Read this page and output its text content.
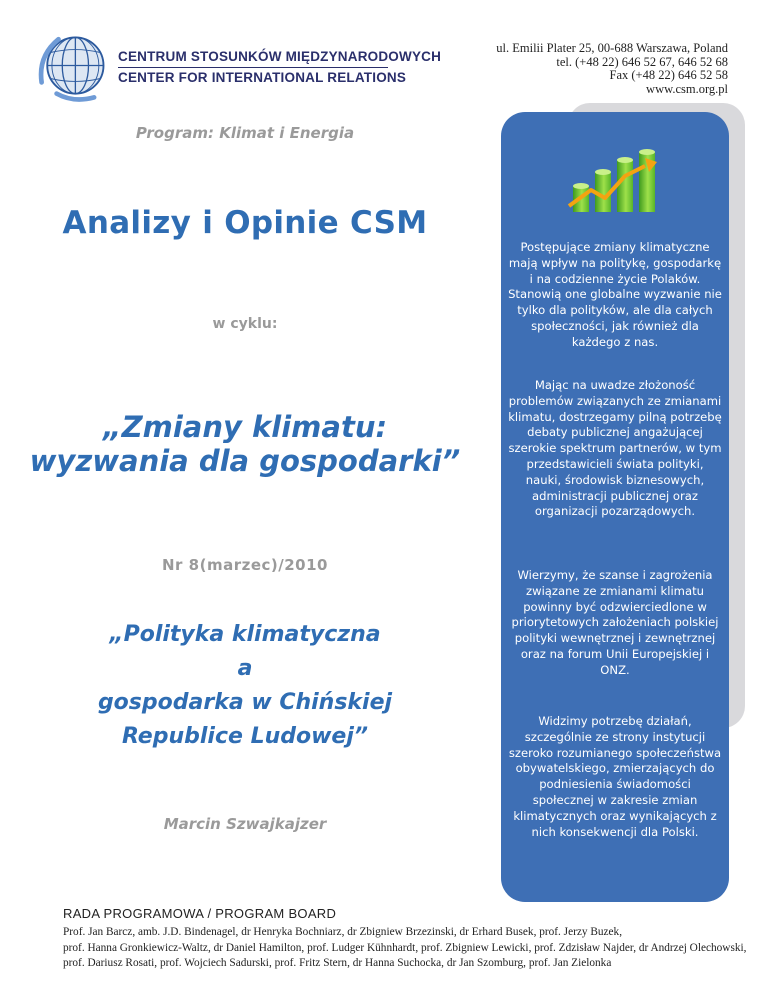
CENTRUM STOSUNKÓW MIĘDZYNARODOWYCH
CENTER FOR INTERNATIONAL RELATIONS
ul. Emilii Plater 25, 00-688 Warszawa, Poland
tel. (+48 22) 646 52 67, 646 52 68
Fax (+48 22) 646 52 58
www.csm.org.pl
Program: Klimat i Energia
Analizy i Opinie CSM
w cyklu:
„Zmiany klimatu:
wyzwania dla gospodarki”
Nr 8(marzec)/2010
„Polityka klimatyczna
a
gospodarka w Chińskiej
Republice Ludowej”
Marcin Szwajkajzer
Postępujące zmiany klimatyczne mają wpływ na politykę, gospodarkę i na codzienne życie Polaków. Stanowią one globalne wyzwanie nie tylko dla polityków, ale dla całych społeczności, jak również dla każdego z nas.
Mając na uwadze złożoność problemów związanych ze zmianami klimatu, dostrzegamy pilną potrzebę debaty publicznej angażującej szerokie spektrum partnerów, w tym przedstawicieli świata polityki, nauki, środowisk biznesowych, administracji publicznej oraz organizacji pozarządowych.
Wierzymy, że szanse i zagrożenia związane ze zmianami klimatu powinny być odzwierciedlone w priorytetowych założeniach polskiej polityki wewnętrznej i zewnętrznej oraz na forum Unii Europejskiej i ONZ.
Widzimy potrzebę działań, szczególnie ze strony instytucji szeroko rozumianego społeczeństwa obywatelskiego, zmierzających do podniesienia świadomości społecznej w zakresie zmian klimatycznych oraz wynikających z nich konsekwencji dla Polski.
RADA PROGRAMOWA / PROGRAM BOARD
Prof. Jan Barcz, amb. J.D. Bindenagel, dr Henryka Bochniarz, dr Zbigniew Brzezinski, dr Erhard Busek, prof. Jerzy Buzek,
prof. Hanna Gronkiewicz-Waltz, dr Daniel Hamilton, prof. Ludger Kühnhardt, prof. Zbigniew Lewicki, prof. Zdzisław Najder, dr Andrzej Olechowski,
prof. Dariusz Rosati, prof. Wojciech Sadurski, prof. Fritz Stern, dr Hanna Suchocka, dr Jan Szomburg, prof. Jan Zielonka
